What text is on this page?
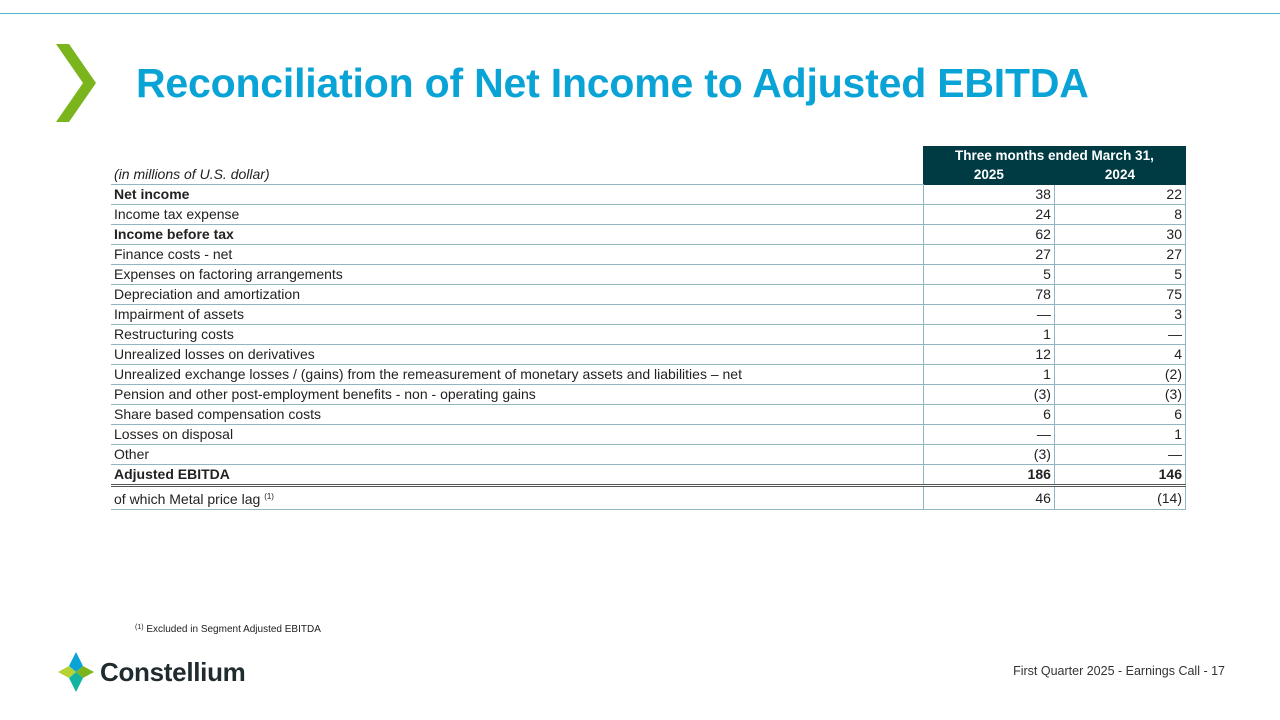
Reconciliation of Net Income to Adjusted EBITDA
	Three months ended March 31,	
(in millions of U.S. dollar)	2025	2024
Net income	38	22
Income tax expense	24	8
Income before tax	62	30
Finance costs - net	27	27
Expenses on factoring arrangements	5	5
Depreciation and amortization	78	75
Impairment of assets	—	3
Restructuring costs	1	—
Unrealized losses on derivatives	12	4
Unrealized exchange losses / (gains) from the remeasurement of monetary assets and liabilities – net	1	(2)
Pension and other post-employment benefits - non - operating gains	(3)	(3)
Share based compensation costs	6	6
Losses on disposal	—	1
Other	(3)	—
Adjusted EBITDA	186	146
of which Metal price lag $^{(1)}$	46	(14)
$^{(1)}$ Excluded in Segment Adjusted EBITDA
Constellium	First Quarter 2025 - Earnings Call - 17
